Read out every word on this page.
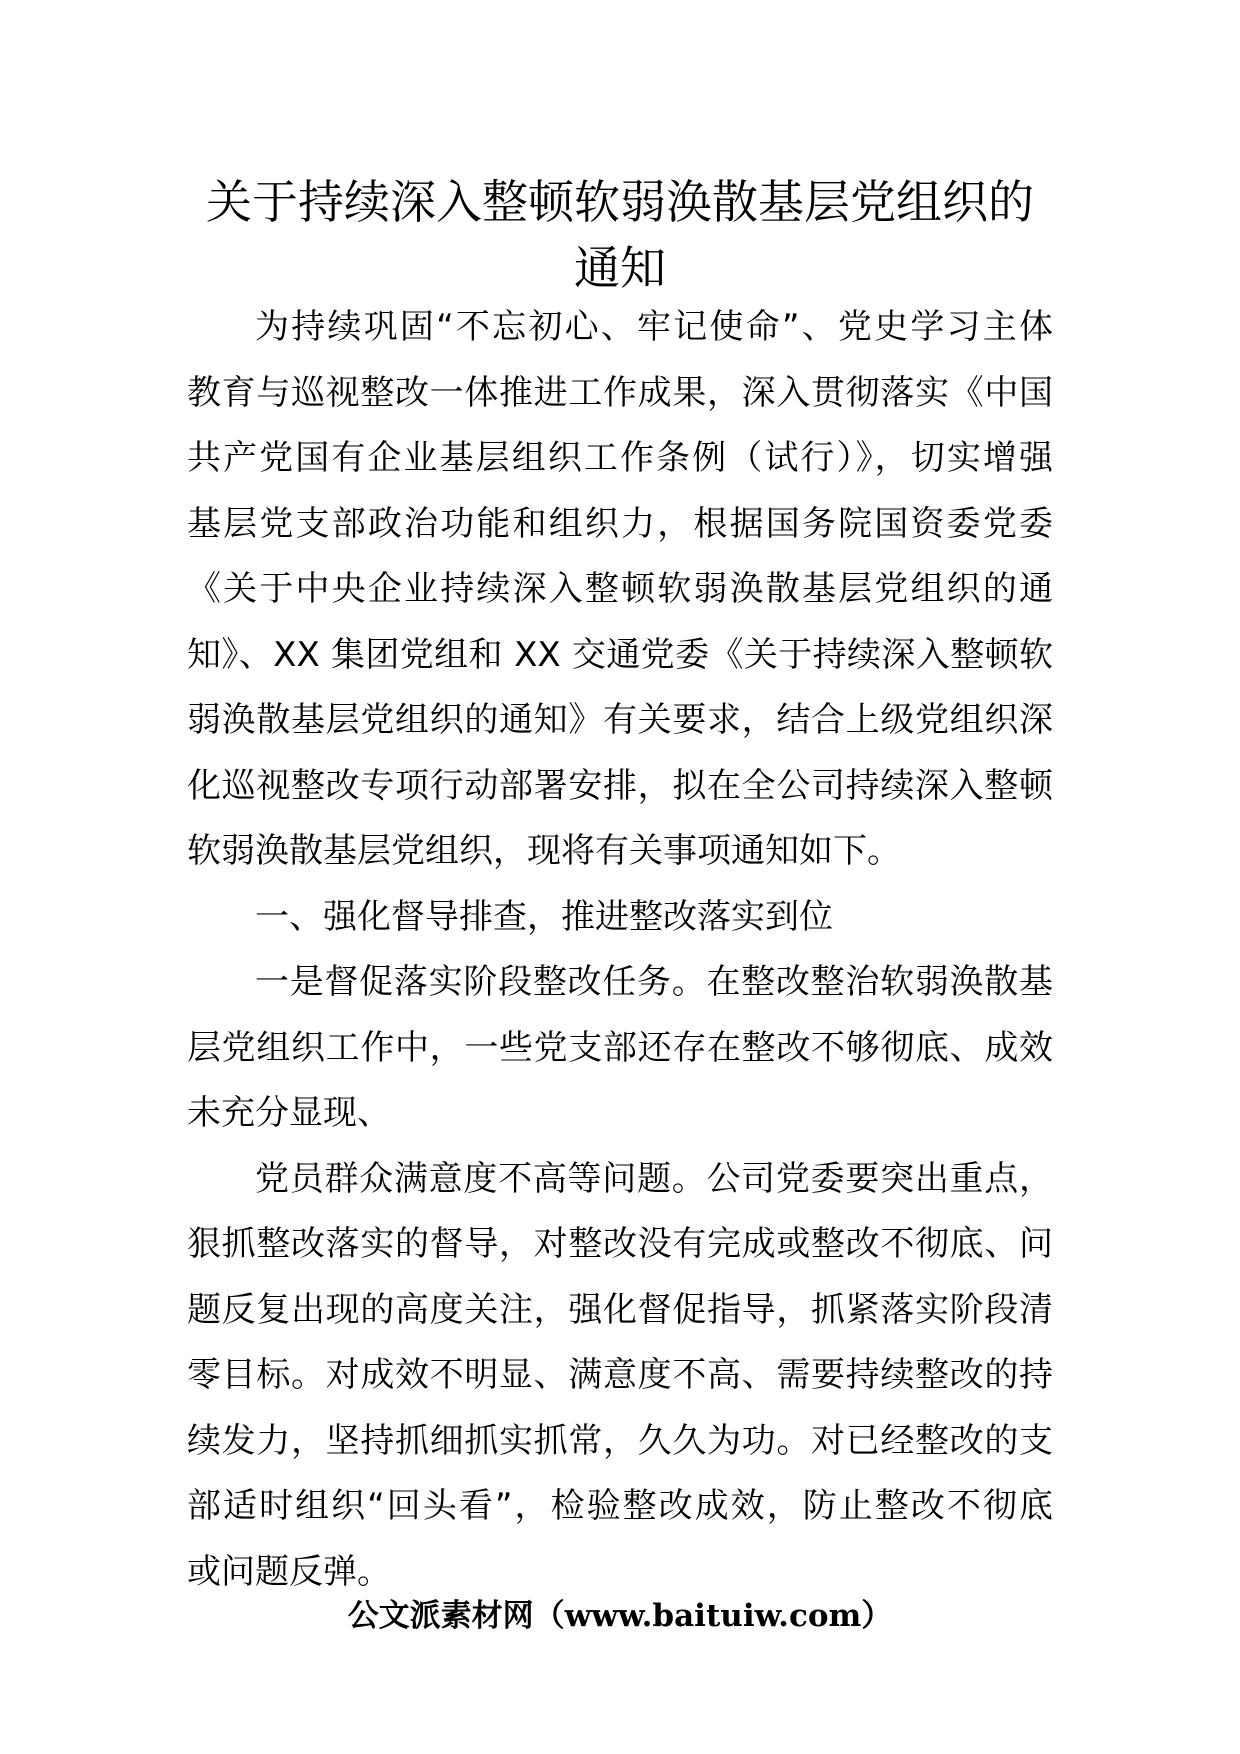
关于持续深入整顿软弱涣散基层党组织的
通知
为持续巩固“不忘初心、牢记使命”、党史学习主体
教育与巡视整改一体推进工作成果，深入贯彻落实《中国
共产党国有企业基层组织工作条例（试行）》，切实增强
基层党支部政治功能和组织力，根据国务院国资委党委
《关于中央企业持续深入整顿软弱涣散基层党组织的通
知》、XX 集团党组和 XX 交通党委《关于持续深入整顿软
弱涣散基层党组织的通知》有关要求，结合上级党组织深
化巡视整改专项行动部署安排，拟在全公司持续深入整顿
软弱涣散基层党组织，现将有关事项通知如下。
一、强化督导排查，推进整改落实到位
一是督促落实阶段整改任务。在整改整治软弱涣散基
层党组织工作中，一些党支部还存在整改不够彻底、成效
未充分显现、
党员群众满意度不高等问题。公司党委要突出重点，
狠抓整改落实的督导，对整改没有完成或整改不彻底、问
题反复出现的高度关注，强化督促指导，抓紧落实阶段清
零目标。对成效不明显、满意度不高、需要持续整改的持
续发力，坚持抓细抓实抓常，久久为功。对已经整改的支
部适时组织“回头看”，检验整改成效，防止整改不彻底
或问题反弹。
公文派素材网（www.baituiw.com）
